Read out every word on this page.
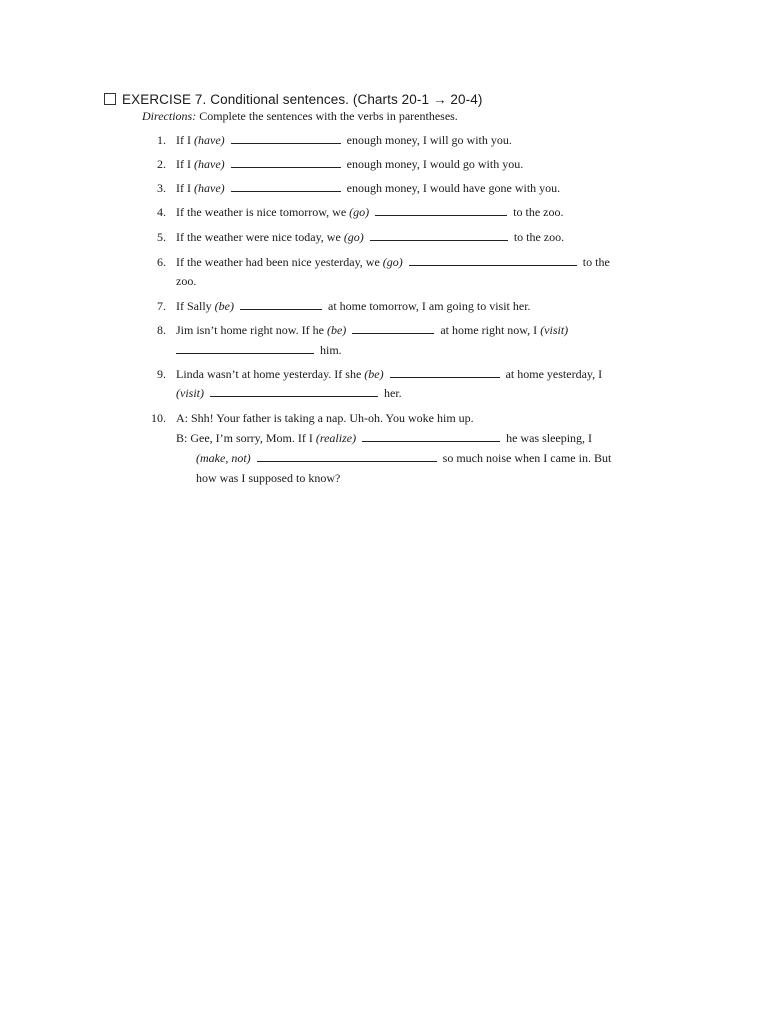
EXERCISE 7. Conditional sentences. (Charts 20-1 → 20-4)
Directions: Complete the sentences with the verbs in parentheses.
1. If I (have)	enough money, I will go with you.
2. If I (have)	enough money, I would go with you.
3. If I (have)	enough money, I would have gone with you.
4. If the weather is nice tomorrow, we (go)	to the zoo.
5. If the weather were nice today, we (go)	to the zoo.
6. If the weather had been nice yesterday, we (go)	to the
zoo.
7. If Sally (be)	at home tomorrow, I am going to visit her.
8. Jim isn’t home right now. If he (be)	at home right now, I (visit)
him.
9. Linda wasn’t at home yesterday. If she (be)	at home yesterday, I
(visit)	her.
10. A: Shh! Your father is taking a nap. Uh-oh. You woke him up.
B: Gee, I’m sorry, Mom. If I (realize)	he was sleeping, I
(make, not)	so much noise when I came in. But
how was I supposed to know?
